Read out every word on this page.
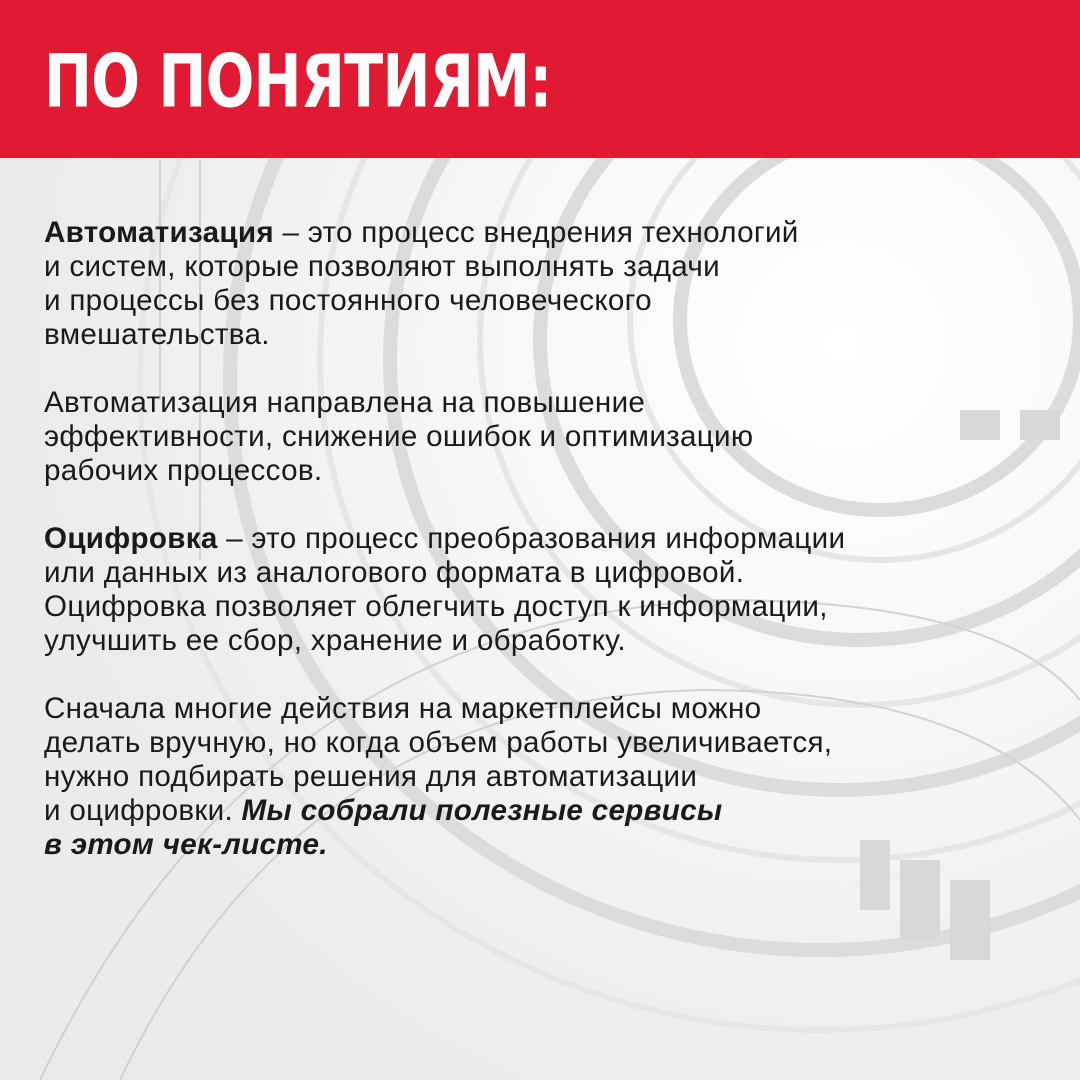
ПО ПОНЯТИЯМ:

Автоматизация – это процесс внедрения технологий
и систем, которые позволяют выполнять задачи
и процессы без постоянного человеческого
вмешательства.

Автоматизация направлена на повышение
эффективности, снижение ошибок и оптимизацию
рабочих процессов.

Оцифровка – это процесс преобразования информации
или данных из аналогового формата в цифровой.
Оцифровка позволяет облегчить доступ к информации,
улучшить ее сбор, хранение и обработку.

Сначала многие действия на маркетплейсы можно
делать вручную, но когда объем работы увеличивается,
нужно подбирать решения для автоматизации
и оцифровки. Мы собрали полезные сервисы
в этом чек-листе.
